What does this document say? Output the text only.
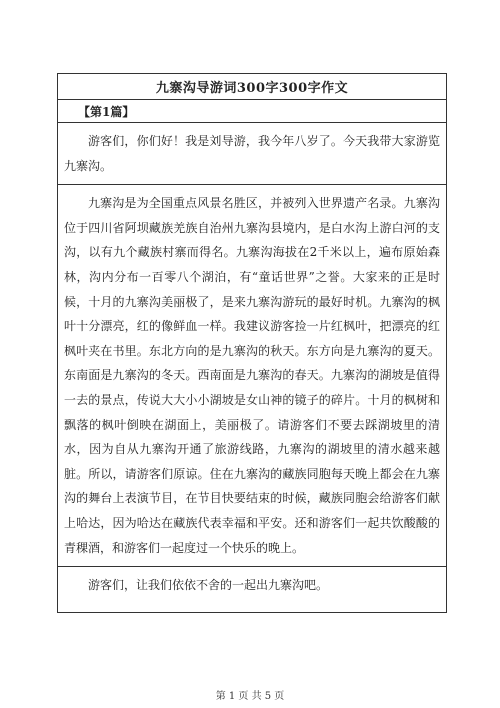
九寨沟导游词300字300字作文
【第1篇】
游客们，你们好！我是刘导游，我今年八岁了。今天我带大家游览九寨沟。
九寨沟是为全国重点风景名胜区，并被列入世界遗产名录。九寨沟位于四川省阿坝藏族羌族自治州九寨沟县境内，是白水沟上游白河的支沟，以有九个藏族村寨而得名。九寨沟海拔在2千米以上，遍布原始森林，沟内分布一百零八个湖泊，有“童话世界”之誉。大家来的正是时候，十月的九寨沟美丽极了，是来九寨沟游玩的最好时机。九寨沟的枫叶十分漂亮，红的像鲜血一样。我建议游客捡一片红枫叶，把漂亮的红枫叶夹在书里。东北方向的是九寨沟的秋天。东方向是九寨沟的夏天。东南面是九寨沟的冬天。西南面是九寨沟的春天。九寨沟的湖坡是值得一去的景点，传说大大小小湖坡是女山神的镜子的碎片。十月的枫树和飘落的枫叶倒映在湖面上，美丽极了。请游客们不要去踩湖坡里的清水，因为自从九寨沟开通了旅游线路，九寨沟的湖坡里的清水越来越脏。所以，请游客们原谅。住在九寨沟的藏族同胞每天晚上都会在九寨沟的舞台上表演节目，在节目快要结束的时候，藏族同胞会给游客们献上哈达，因为哈达在藏族代表幸福和平安。还和游客们一起共饮酸酸的青稞酒，和游客们一起度过一个快乐的晚上。
游客们，让我们依依不舍的一起出九寨沟吧。
第 1 页 共 5 页
